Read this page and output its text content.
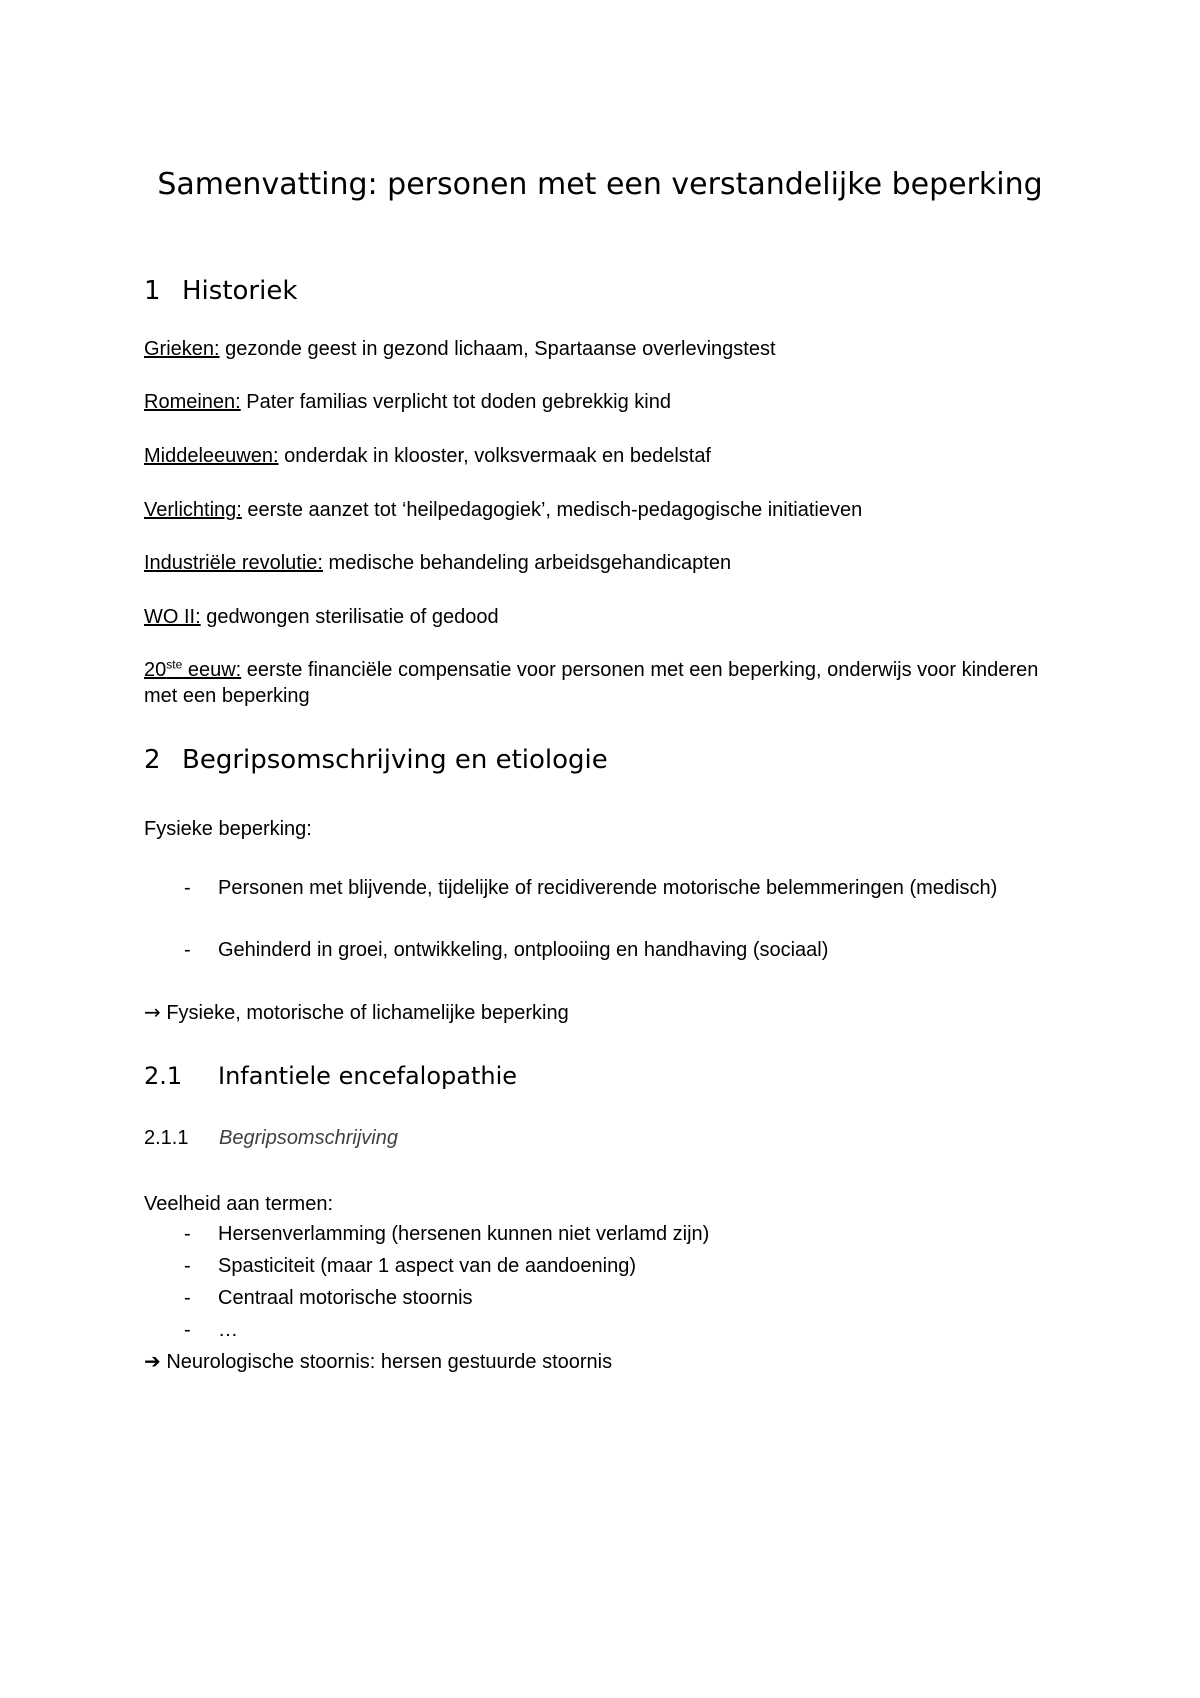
Samenvatting: personen met een verstandelijke beperking
1 Historiek

Grieken: gezonde geest in gezond lichaam, Spartaanse overlevingstest

Romeinen: Pater familias verplicht tot doden gebrekkig kind

Middeleeuwen: onderdak in klooster, volksvermaak en bedelstaf

Verlichting: eerste aanzet tot ‘heilpedagogiek’, medisch-pedagogische initiatieven

Industriële revolutie: medische behandeling arbeidsgehandicapten

WO II: gedwongen sterilisatie of gedood

20ste eeuw: eerste financiële compensatie voor personen met een beperking, onderwijs voor kinderen met een beperking

2 Begripsomschrijving en etiologie

Fysieke beperking:

- Personen met blijvende, tijdelijke of recidiverende motorische belemmeringen (medisch)
- Gehinderd in groei, ontwikkeling, ontplooiing en handhaving (sociaal)

→ Fysieke, motorische of lichamelijke beperking

2.1 Infantiele encefalopathie
2.1.1 Begripsomschrijving

Veelheid aan termen:

- Hersenverlamming (hersenen kunnen niet verlamd zijn)
- Spasticiteit (maar 1 aspect van de aandoening)
- Centraal motorische stoornis
- …

➔ Neurologische stoornis: hersen gestuurde stoornis
